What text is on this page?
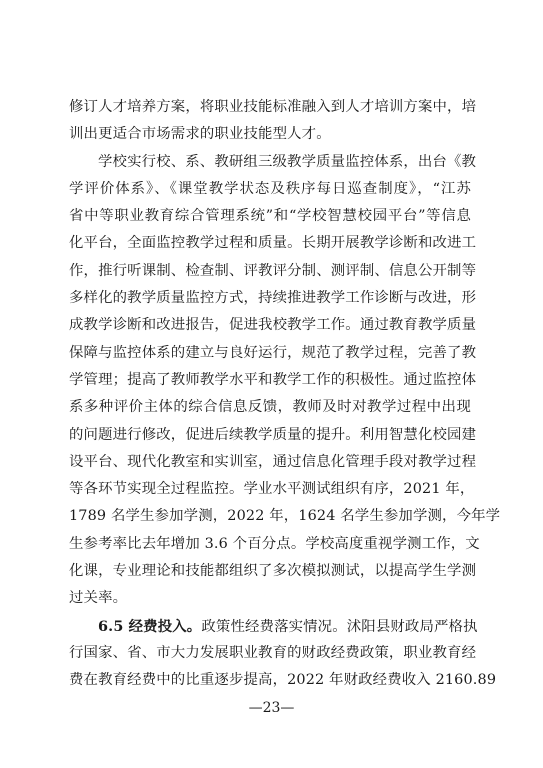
修订人才培养方案，将职业技能标准融入到人才培训方案中，培
训出更适合市场需求的职业技能型人才。
学校实行校、系、教研组三级教学质量监控体系，出台《教
学评价体系》、《课堂教学状态及秩序每日巡查制度》，“江苏
省中等职业教育综合管理系统”和“学校智慧校园平台”等信息
化平台，全面监控教学过程和质量。长期开展教学诊断和改进工
作，推行听课制、检查制、评教评分制、测评制、信息公开制等
多样化的教学质量监控方式，持续推进教学工作诊断与改进，形
成教学诊断和改进报告，促进我校教学工作。通过教育教学质量
保障与监控体系的建立与良好运行，规范了教学过程，完善了教
学管理；提高了教师教学水平和教学工作的积极性。通过监控体
系多种评价主体的综合信息反馈，教师及时对教学过程中出现
的问题进行修改，促进后续教学质量的提升。利用智慧化校园建
设平台、现代化教室和实训室，通过信息化管理手段对教学过程
等各环节实现全过程监控。学业水平测试组织有序，2021 年，
1789 名学生参加学测，2022 年，1624 名学生参加学测，今年学
生参考率比去年增加 3.6 个百分点。学校高度重视学测工作，文
化课，专业理论和技能都组织了多次模拟测试，以提高学生学测
过关率。
6.5 经费投入。政策性经费落实情况。沭阳县财政局严格执
行国家、省、市大力发展职业教育的财政经费政策，职业教育经
费在教育经费中的比重逐步提高，2022 年财政经费收入 2160.89
—23—
